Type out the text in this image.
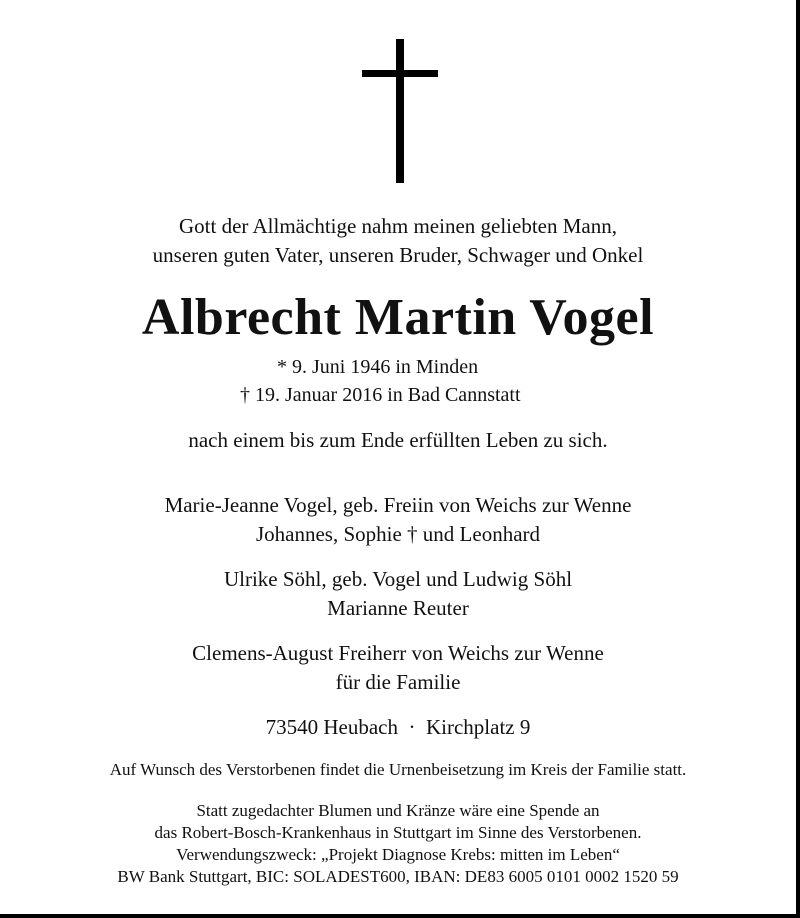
Gott der Allmächtige nahm meinen geliebten Mann,
unseren guten Vater, unseren Bruder, Schwager und Onkel
Albrecht Martin Vogel
* 9. Juni 1946 in Minden
† 19. Januar 2016 in Bad Cannstatt
nach einem bis zum Ende erfüllten Leben zu sich.
Marie-Jeanne Vogel, geb. Freiin von Weichs zur Wenne
Johannes, Sophie † und Leonhard
Ulrike Söhl, geb. Vogel und Ludwig Söhl
Marianne Reuter
Clemens-August Freiherr von Weichs zur Wenne
für die Familie
73540 Heubach  ·  Kirchplatz 9
Auf Wunsch des Verstorbenen findet die Urnenbeisetzung im Kreis der Familie statt.
Statt zugedachter Blumen und Kränze wäre eine Spende an
das Robert-Bosch-Krankenhaus in Stuttgart im Sinne des Verstorbenen.
Verwendungszweck: „Projekt Diagnose Krebs: mitten im Leben“
BW Bank Stuttgart, BIC: SOLADEST600, IBAN: DE83 6005 0101 0002 1520 59
